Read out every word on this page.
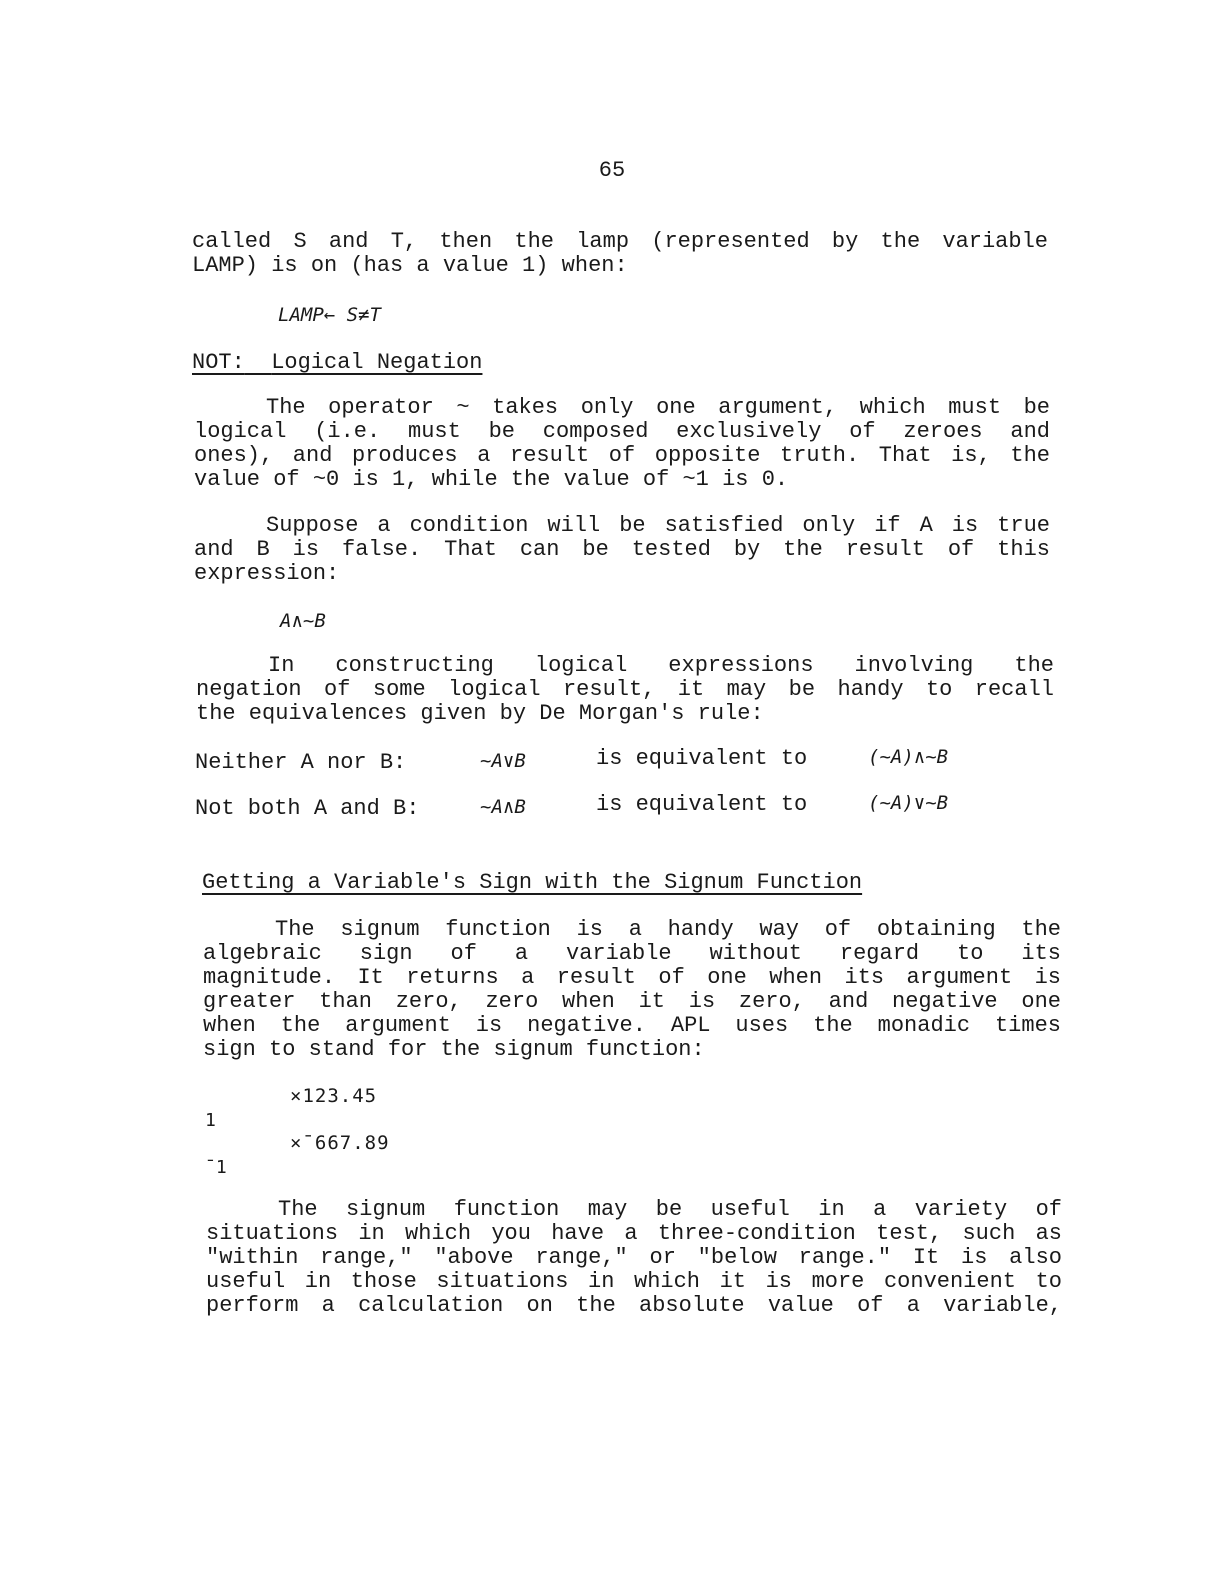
65
called S and T, then the lamp (represented by the variable
LAMP) is on (has a value 1) when:
LAMP← S≠T
NOT: Logical Negation
The operator ~ takes only one argument, which must be
logical (i.e. must be composed exclusively of zeroes and
ones), and produces a result of opposite truth. That is, the
value of ~0 is 1, while the value of ~1 is 0.
Suppose a condition will be satisfied only if A is true
and B is false. That can be tested by the result of this
expression:
A∧~B
In constructing logical expressions involving the
negation of some logical result, it may be handy to recall
the equivalences given by De Morgan's rule:
Neither A nor B:	~A∨B	is equivalent to	(~A)∧~B
Not both A and B:	~A∧B	is equivalent to	(~A)∨~B
Getting a Variable's Sign with the Signum Function
The signum function is a handy way of obtaining the
algebraic sign of a variable without regard to its
magnitude. It returns a result of one when its argument is
greater than zero, zero when it is zero, and negative one
when the argument is negative. APL uses the monadic times
sign to stand for the signum function:
×123.45
1
×¯667.89
¯1
The signum function may be useful in a variety of
situations in which you have a three-condition test, such as
"within range," "above range," or "below range." It is also
useful in those situations in which it is more convenient to
perform a calculation on the absolute value of a variable,
